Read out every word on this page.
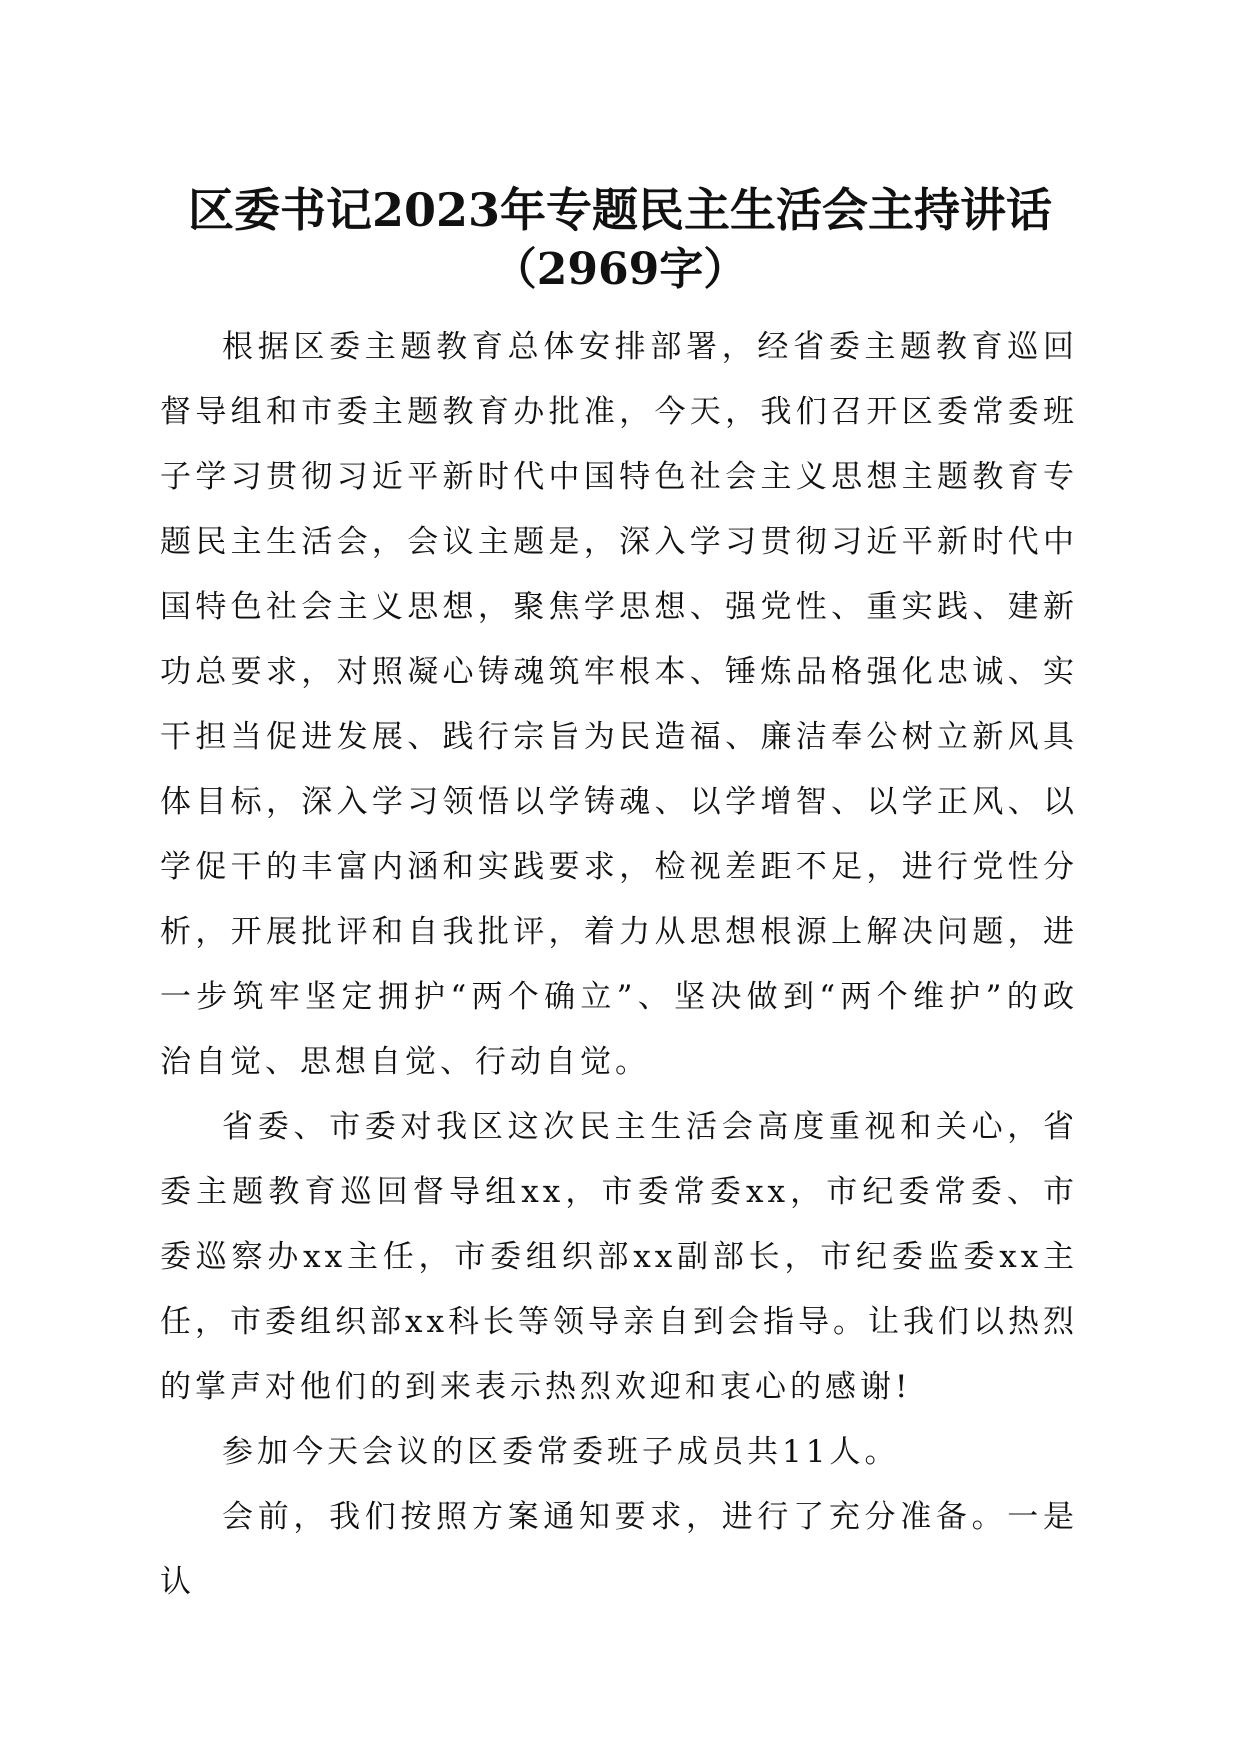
区委书记2023年专题民主生活会主持讲话
（2969字）

根据区委主题教育总体安排部署，经省委主题教育巡回督导组和市委主题教育办批准，今天，我们召开区委常委班子学习贯彻习近平新时代中国特色社会主义思想主题教育专题民主生活会，会议主题是，深入学习贯彻习近平新时代中国特色社会主义思想，聚焦学思想、强党性、重实践、建新功总要求，对照凝心铸魂筑牢根本、锤炼品格强化忠诚、实干担当促进发展、践行宗旨为民造福、廉洁奉公树立新风具体目标，深入学习领悟以学铸魂、以学增智、以学正风、以学促干的丰富内涵和实践要求，检视差距不足，进行党性分析，开展批评和自我批评，着力从思想根源上解决问题，进一步筑牢坚定拥护“两个确立”、坚决做到“两个维护”的政治自觉、思想自觉、行动自觉。

省委、市委对我区这次民主生活会高度重视和关心，省委主题教育巡回督导组xx，市委常委xx，市纪委常委、市委巡察办xx主任，市委组织部xx副部长，市纪委监委xx主任，市委组织部xx科长等领导亲自到会指导。让我们以热烈的掌声对他们的到来表示热烈欢迎和衷心的感谢!

参加今天会议的区委常委班子成员共11人。

会前，我们按照方案通知要求，进行了充分准备。一是认
